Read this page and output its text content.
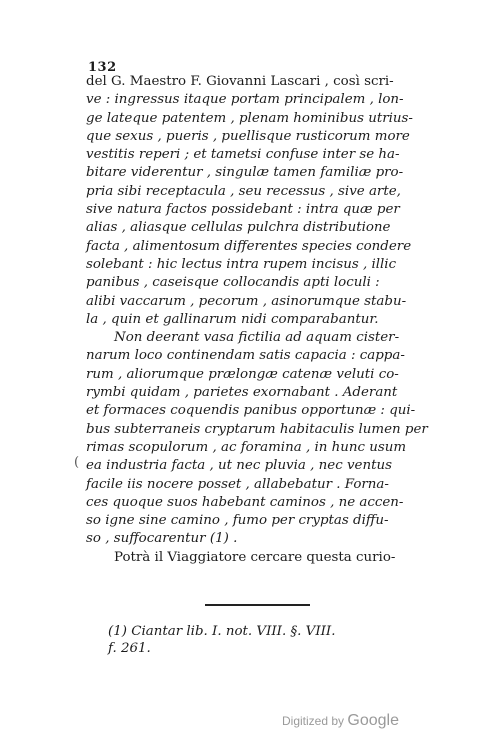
132
del G. Maestro F. Giovanni Lascari , così scri-
ve : ingressus itaque portam principalem , lon-
ge lateque patentem , plenam hominibus utrius-
que sexus , pueris , puellisque rusticorum more
vestitis reperi ; et tametsi confuse inter se ha-
bitare viderentur , singulæ tamen familiæ pro-
pria sibi receptacula , seu recessus , sive arte,
sive natura factos possidebant : intra quæ per
alias , aliasque cellulas pulchra distributione
facta , alimentosum differentes species condere
solebant : hic lectus intra rupem incisus , illic
panibus , caseisque collocandis apti loculi :
alibi vaccarum , pecorum , asinorumque stabu-
la , quin et gallinarum nidi comparabantur.
Non deerant vasa fictilia ad aquam cister-
narum loco continendam satis capacia : cappa-
rum , aliorumque prælongæ catenæ veluti co-
rymbi quidam , parietes exornabant . Aderant
et formaces coquendis panibus opportunæ : qui-
bus subterraneis cryptarum habitaculis lumen per
rimas scopulorum , ac foramina , in hunc usum
ea industria facta , ut nec pluvia , nec ventus
facile iis nocere posset , allabebatur . Forna-
ces quoque suos habebant caminos , ne accen-
so igne sine camino , fumo per cryptas diffu-
so , suffocarentur (1) .
Potrà il Viaggiatore cercare questa curio-
(
(1) Ciantar lib. I. not. VIII. §. VIII.
f. 261.
Digitized by Google
